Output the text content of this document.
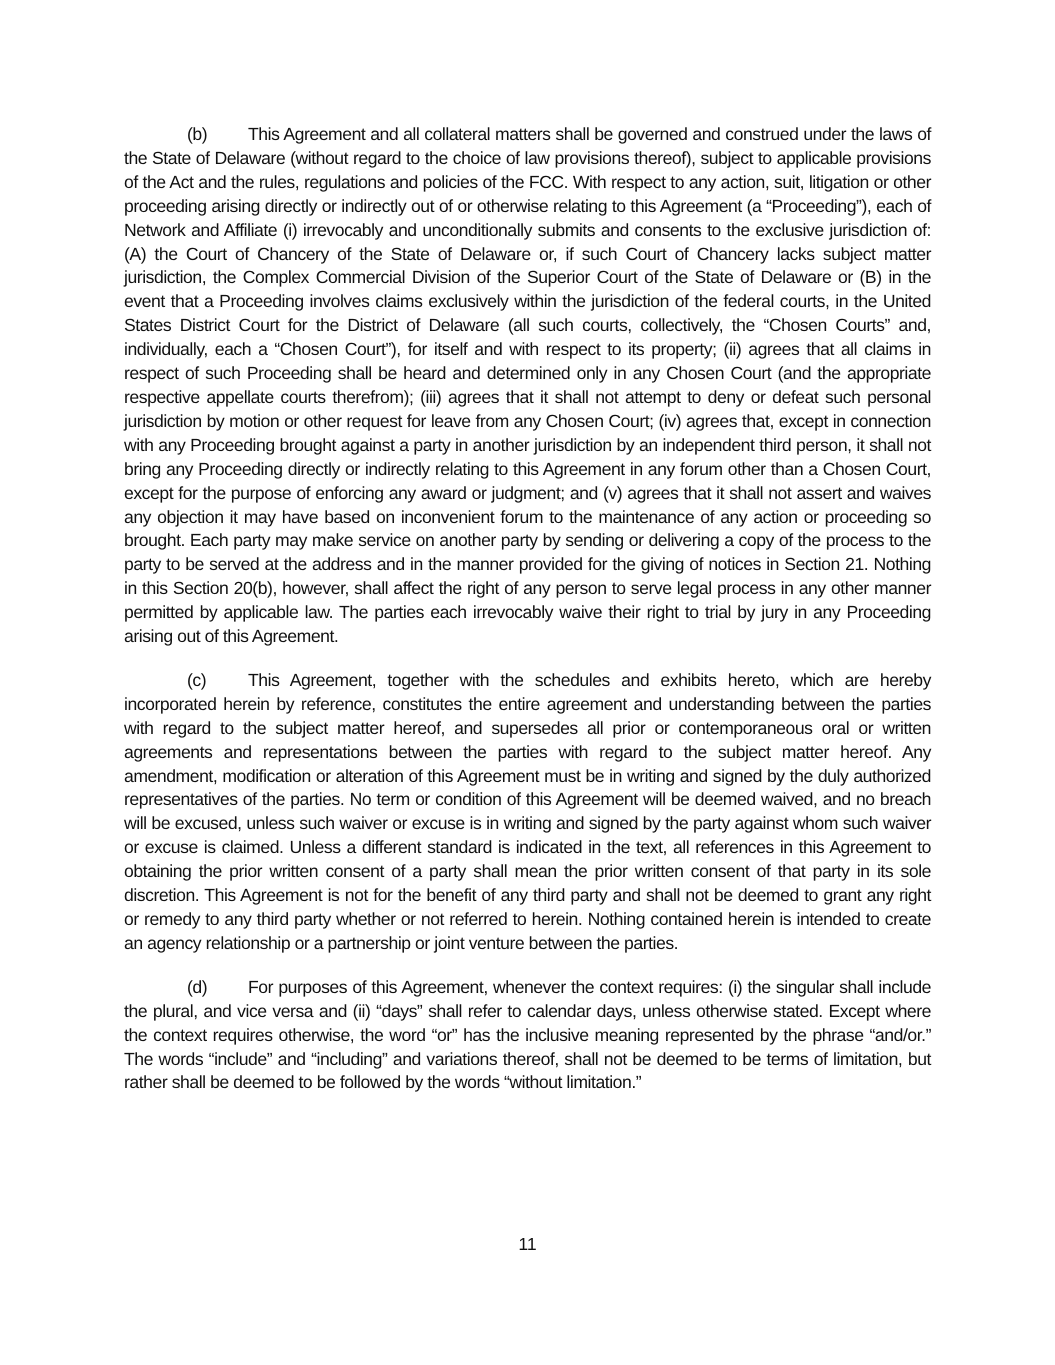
(b) This Agreement and all collateral matters shall be governed and construed under the laws of the State of Delaware (without regard to the choice of law provisions thereof), subject to applicable provisions of the Act and the rules, regulations and policies of the FCC. With respect to any action, suit, litigation or other proceeding arising directly or indirectly out of or otherwise relating to this Agreement (a “Proceeding”), each of Network and Affiliate (i) irrevocably and unconditionally submits and consents to the exclusive jurisdiction of: (A) the Court of Chancery of the State of Delaware or, if such Court of Chancery lacks subject matter jurisdiction, the Complex Commercial Division of the Superior Court of the State of Delaware or (B) in the event that a Proceeding involves claims exclusively within the jurisdiction of the federal courts, in the United States District Court for the District of Delaware (all such courts, collectively, the “Chosen Courts” and, individually, each a “Chosen Court”), for itself and with respect to its property; (ii) agrees that all claims in respect of such Proceeding shall be heard and determined only in any Chosen Court (and the appropriate respective appellate courts therefrom); (iii) agrees that it shall not attempt to deny or defeat such personal jurisdiction by motion or other request for leave from any Chosen Court; (iv) agrees that, except in connection with any Proceeding brought against a party in another jurisdiction by an independent third person, it shall not bring any Proceeding directly or indirectly relating to this Agreement in any forum other than a Chosen Court, except for the purpose of enforcing any award or judgment; and (v) agrees that it shall not assert and waives any objection it may have based on inconvenient forum to the maintenance of any action or proceeding so brought. Each party may make service on another party by sending or delivering a copy of the process to the party to be served at the address and in the manner provided for the giving of notices in Section 21. Nothing in this Section 20(b), however, shall affect the right of any person to serve legal process in any other manner permitted by applicable law. The parties each irrevocably waive their right to trial by jury in any Proceeding arising out of this Agreement.

(c) This Agreement, together with the schedules and exhibits hereto, which are hereby incorporated herein by reference, constitutes the entire agreement and understanding between the parties with regard to the subject matter hereof, and supersedes all prior or contemporaneous oral or written agreements and representations between the parties with regard to the subject matter hereof. Any amendment, modification or alteration of this Agreement must be in writing and signed by the duly authorized representatives of the parties. No term or condition of this Agreement will be deemed waived, and no breach will be excused, unless such waiver or excuse is in writing and signed by the party against whom such waiver or excuse is claimed. Unless a different standard is indicated in the text, all references in this Agreement to obtaining the prior written consent of a party shall mean the prior written consent of that party in its sole discretion. This Agreement is not for the benefit of any third party and shall not be deemed to grant any right or remedy to any third party whether or not referred to herein. Nothing contained herein is intended to create an agency relationship or a partnership or joint venture between the parties.

(d) For purposes of this Agreement, whenever the context requires: (i) the singular shall include the plural, and vice versa and (ii) “days” shall refer to calendar days, unless otherwise stated. Except where the context requires otherwise, the word “or” has the inclusive meaning represented by the phrase “and/or.” The words “include” and “including” and variations thereof, shall not be deemed to be terms of limitation, but rather shall be deemed to be followed by the words “without limitation.”

11
